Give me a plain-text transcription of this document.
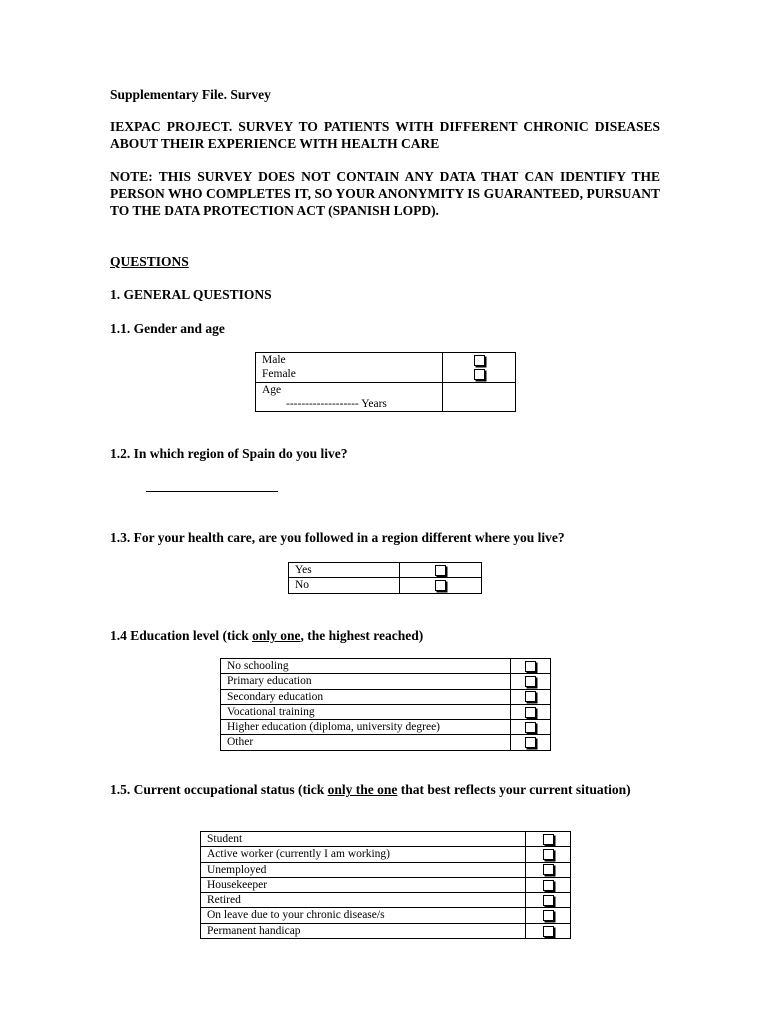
Supplementary File. Survey

IEXPAC PROJECT. SURVEY TO PATIENTS WITH DIFFERENT CHRONIC DISEASES ABOUT THEIR EXPERIENCE WITH HEALTH CARE

NOTE: THIS SURVEY DOES NOT CONTAIN ANY DATA THAT CAN IDENTIFY THE PERSON WHO COMPLETES IT, SO YOUR ANONYMITY IS GUARANTEED, PURSUANT TO THE DATA PROTECTION ACT (SPANISH LOPD).

QUESTIONS

1. GENERAL QUESTIONS

1.1. Gender and age

1.2. In which region of Spain do you live?

1.3. For your health care, are you followed in a region different where you live?

1.4 Education level (tick only one, the highest reached)

1.5. Current occupational status (tick only the one that best reflects your current situation)

Male
Female	

Age
------------------- Years	

Yes	
No	
No schooling	
Primary education	
Secondary education	
Vocational training	
Higher education (diploma, university degree)	
Other	
Student	
Active worker (currently I am working)	
Unemployed	
Housekeeper	
Retired	
On leave due to your chronic disease/s	
Permanent handicap	
